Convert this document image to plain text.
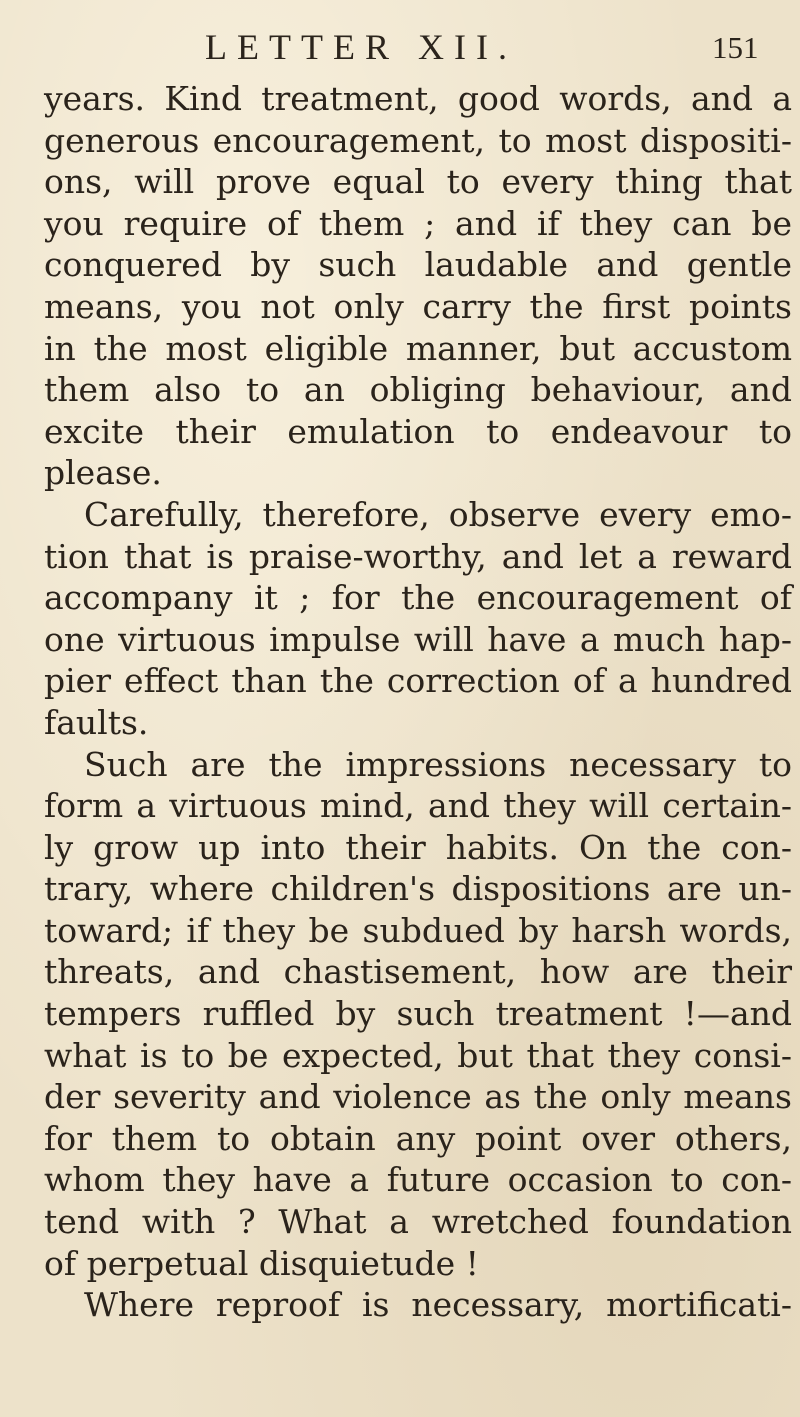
LETTER XII.	151
years. Kind treatment, good words, and a
generous encouragement, to most dispositi-
ons, will prove equal to every thing that
you require of them ; and if they can be
conquered by such laudable and gentle
means, you not only carry the first points
in the most eligible manner, but accustom
them also to an obliging behaviour, and
excite their emulation to endeavour to
please.
Carefully, therefore, observe every emo-
tion that is praise-worthy, and let a reward
accompany it ; for the encouragement of
one virtuous impulse will have a much hap-
pier effect than the correction of a hundred
faults.
Such are the impressions necessary to
form a virtuous mind, and they will certain-
ly grow up into their habits. On the con-
trary, where children's dispositions are un-
toward; if they be subdued by harsh words,
threats, and chastisement, how are their
tempers ruffled by such treatment !—and
what is to be expected, but that they consi-
der severity and violence as the only means
for them to obtain any point over others,
whom they have a future occasion to con-
tend with ? What a wretched foundation
of perpetual disquietude !
Where reproof is necessary, mortificati-
